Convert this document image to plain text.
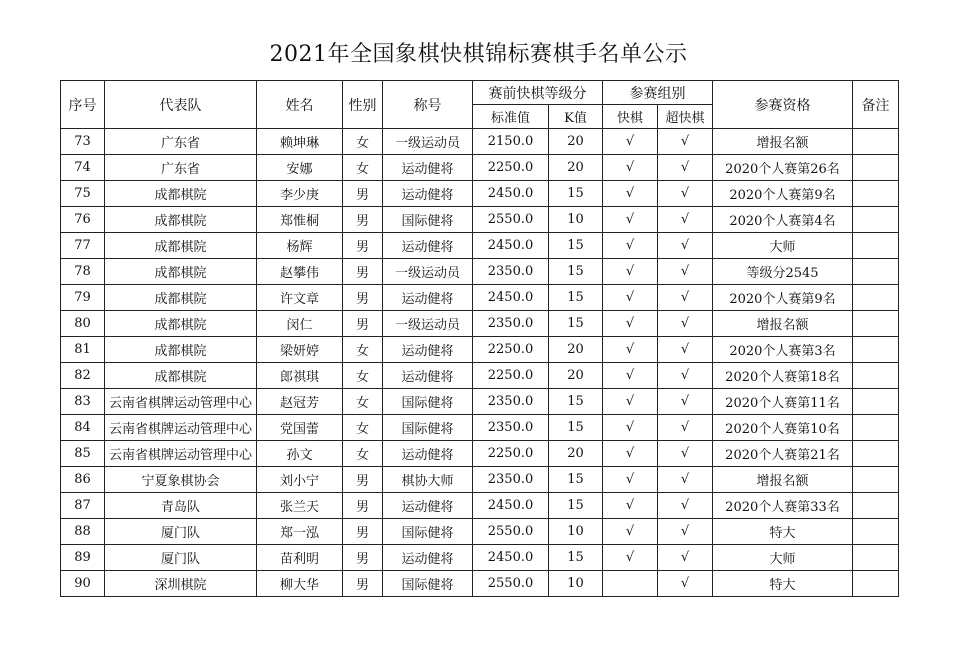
2021年全国象棋快棋锦标赛棋手名单公示
序号	代表队	姓名	性别	称号	赛前快棋等级分		参赛组别		参赛资格	备注
					标准值	K值	快棋	超快棋		
73	广东省	赖坤琳	女	一级运动员	2150.0	20	√	√	增报名额	
74	广东省	安娜	女	运动健将	2250.0	20	√	√	2020个人赛第26名	
75	成都棋院	李少庚	男	运动健将	2450.0	15	√	√	2020个人赛第9名	
76	成都棋院	郑惟桐	男	国际健将	2550.0	10	√	√	2020个人赛第4名	
77	成都棋院	杨辉	男	运动健将	2450.0	15	√	√	大师	
78	成都棋院	赵攀伟	男	一级运动员	2350.0	15	√	√	等级分2545	
79	成都棋院	许文章	男	运动健将	2450.0	15	√	√	2020个人赛第9名	
80	成都棋院	闵仁	男	一级运动员	2350.0	15	√	√	增报名额	
81	成都棋院	梁妍婷	女	运动健将	2250.0	20	√	√	2020个人赛第3名	
82	成都棋院	郎祺琪	女	运动健将	2250.0	20	√	√	2020个人赛第18名	
83	云南省棋牌运动管理中心	赵冠芳	女	国际健将	2350.0	15	√	√	2020个人赛第11名	
84	云南省棋牌运动管理中心	党国蕾	女	国际健将	2350.0	15	√	√	2020个人赛第10名	
85	云南省棋牌运动管理中心	孙文	女	运动健将	2250.0	20	√	√	2020个人赛第21名	
86	宁夏象棋协会	刘小宁	男	棋协大师	2350.0	15	√	√	增报名额	
87	青岛队	张兰天	男	运动健将	2450.0	15	√	√	2020个人赛第33名	
88	厦门队	郑一泓	男	国际健将	2550.0	10	√	√	特大	
89	厦门队	苗利明	男	运动健将	2450.0	15	√	√	大师	
90	深圳棋院	柳大华	男	国际健将	2550.0	10		√	特大	
